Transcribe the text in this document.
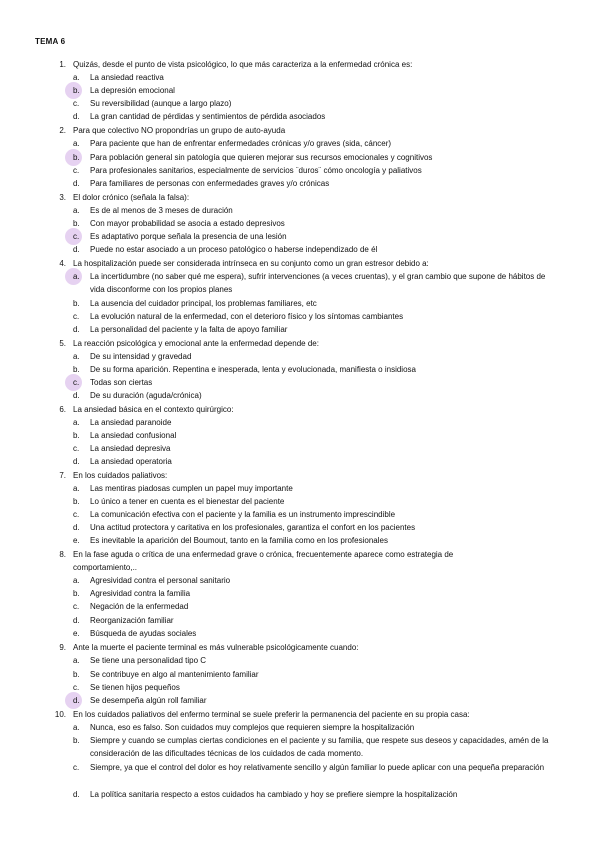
TEMA 6
1. Quizás, desde el punto de vista psicológico, lo que más caracteriza a la enfermedad crónica es:
a. La ansiedad reactiva
b. La depresión emocional
c. Su reversibilidad (aunque a largo plazo)
d. La gran cantidad de pérdidas y sentimientos de pérdida asociados
2. Para que colectivo NO propondrías un grupo de auto-ayuda
a. Para paciente que han de enfrentar enfermedades crónicas y/o graves (sida, cáncer)
b. Para población general sin patología que quieren mejorar sus recursos emocionales y cognitivos
c. Para profesionales sanitarios, especialmente de servicios ¨duros¨ cómo oncología y paliativos
d. Para familiares de personas con enfermedades graves y/o crónicas
3. El dolor crónico (señala la falsa):
a. Es de al menos de 3 meses de duración
b. Con mayor probabilidad se asocia a estado depresivos
c. Es adaptativo porque señala la presencia de una lesión
d. Puede no estar asociado a un proceso patológico o haberse independizado de él
4. La hospitalización puede ser considerada intrínseca en su conjunto como un gran estresor debido a:
a. La incertidumbre (no saber qué me espera), sufrir intervenciones (a veces cruentas), y el gran cambio que supone de hábitos de vida disconforme con los propios planes
b. La ausencia del cuidador principal, los problemas familiares, etc
c. La evolución natural de la enfermedad, con el deterioro físico y los síntomas cambiantes
d. La personalidad del paciente y la falta de apoyo familiar
5. La reacción psicológica y emocional ante la enfermedad depende de:
a. De su intensidad y gravedad
b. De su forma aparición. Repentina e inesperada, lenta y evolucionada, manifiesta o insidiosa
c. Todas son ciertas
d. De su duración (aguda/crónica)
6. La ansiedad básica en el contexto quirúrgico:
a. La ansiedad paranoide
b. La ansiedad confusional
c. La ansiedad depresiva
d. La ansiedad operatoria
7. En los cuidados paliativos:
a. Las mentiras piadosas cumplen un papel muy importante
b. Lo único a tener en cuenta es el bienestar del paciente
c. La comunicación efectiva con el paciente y la familia es un instrumento imprescindible
d. Una actitud protectora y caritativa en los profesionales, garantiza el confort en los pacientes
e. Es inevitable la aparición del Boumout, tanto en la familia como en los profesionales
8. En la fase aguda o crítica de una enfermedad grave o crónica, frecuentemente aparece como estrategia de
comportamiento,..
a. Agresividad contra el personal sanitario
b. Agresividad contra la familia
c. Negación de la enfermedad
d. Reorganización familiar
e. Búsqueda de ayudas sociales
9. Ante la muerte el paciente terminal es más vulnerable psicológicamente cuando:
a. Se tiene una personalidad tipo C
b. Se contribuye en algo al mantenimiento familiar
c. Se tienen hijos pequeños
d. Se desempeña algún roll familiar
10. En los cuidados paliativos del enfermo terminal se suele preferir la permanencia del paciente en su propia casa:
a. Nunca, eso es falso. Son cuidados muy complejos que requieren siempre la hospitalización
b. Siempre y cuando se cumplas ciertas condiciones en el paciente y su familia, que respete sus deseos y capacidades, amén de la consideración de las dificultades técnicas de los cuidados de cada momento.
c. Siempre, ya que el control del dolor es hoy relativamente sencillo y algún familiar lo puede aplicar con una pequeña preparación
d. La política sanitaria respecto a estos cuidados ha cambiado y hoy se prefiere siempre la hospitalización
